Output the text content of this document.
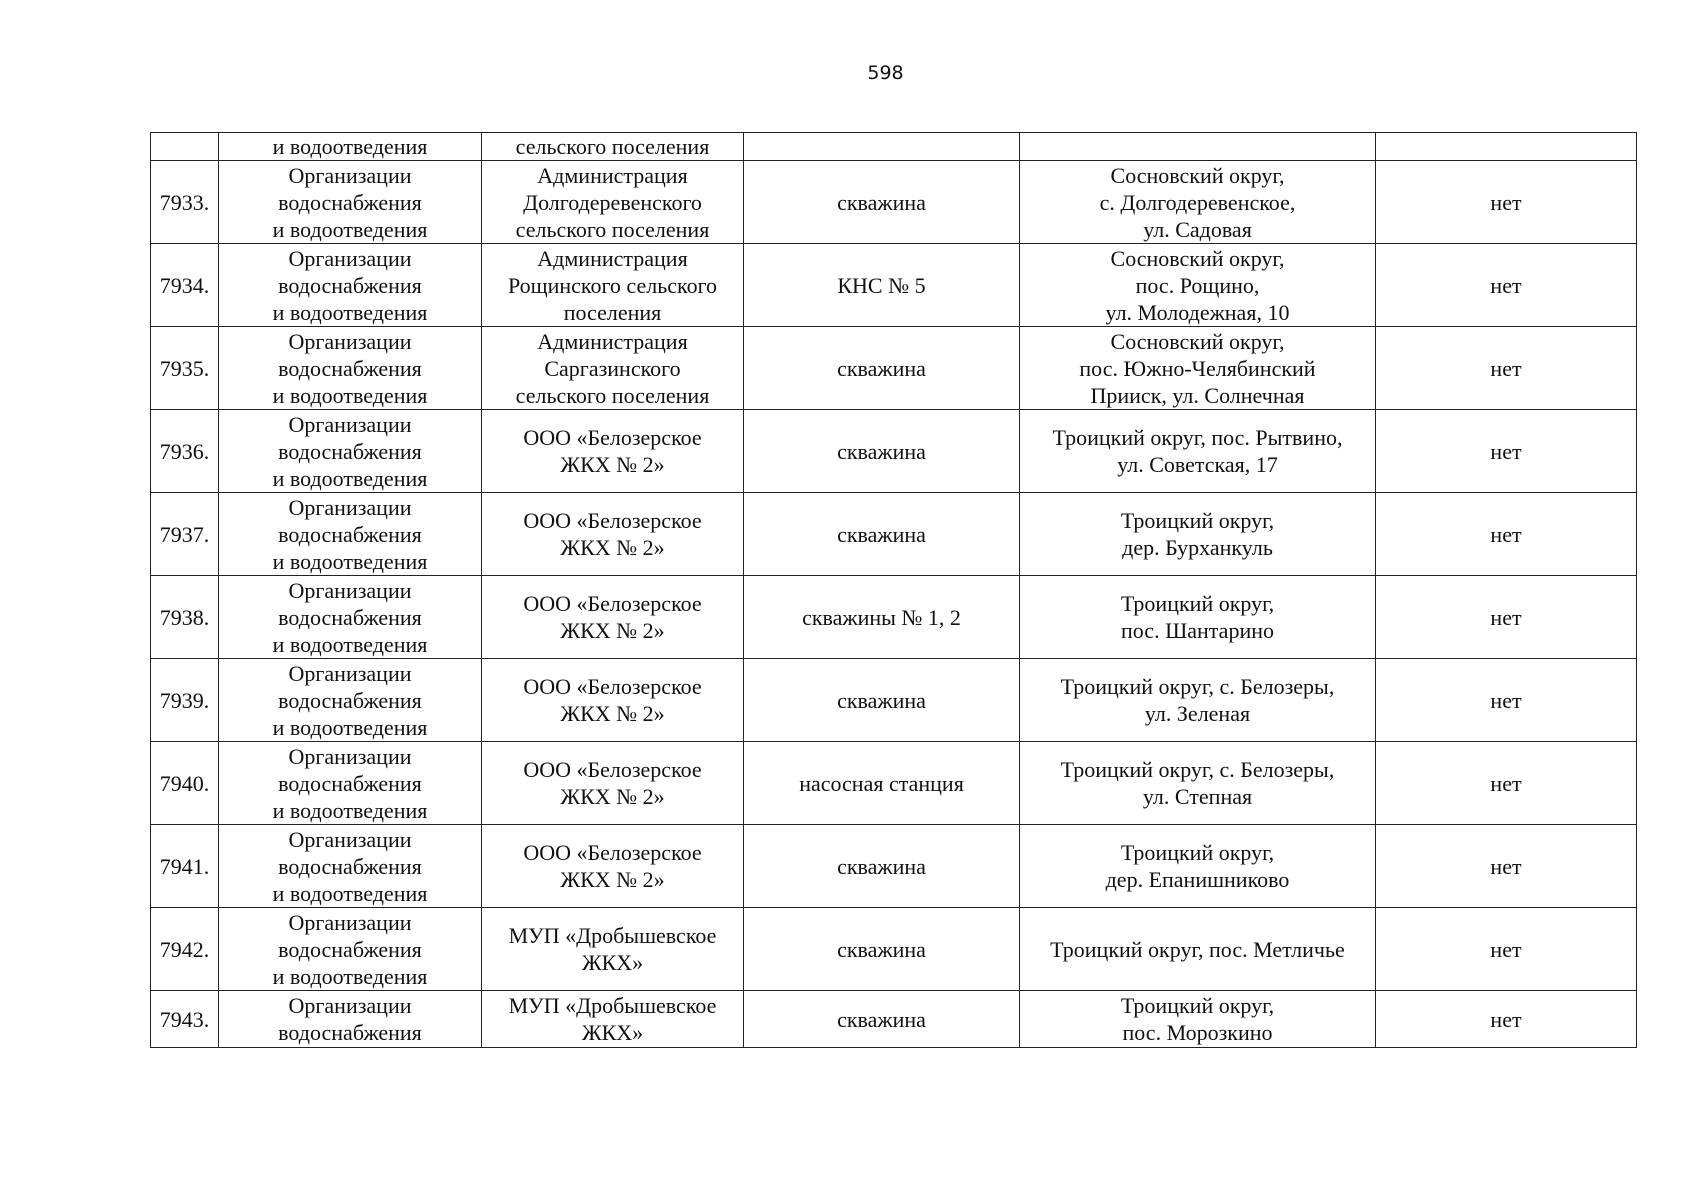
598

	и водоотведения	сельского поселения			

7933.	Организации
водоснабжения
и водоотведения	Администрация
Долгодеревенского
сельского поселения	скважина	Сосновский округ,
с. Долгодеревенское,
ул. Садовая	нет

7934.	Организации
водоснабжения
и водоотведения	Администрация
Рощинского сельского
поселения	КНС № 5	Сосновский округ,
пос. Рощино,
ул. Молодежная, 10	нет

7935.	Организации
водоснабжения
и водоотведения	Администрация
Саргазинского
сельского поселения	скважина	Сосновский округ,
пос. Южно-Челябинский
Прииск, ул. Солнечная	нет

7936.	Организации
водоснабжения
и водоотведения	ООО «Белозерское
ЖКХ № 2»	скважина	Троицкий округ, пос. Рытвино,
ул. Советская, 17	нет

7937.	Организации
водоснабжения
и водоотведения	ООО «Белозерское
ЖКХ № 2»	скважина	Троицкий округ,
дер. Бурханкуль	нет

7938.	Организации
водоснабжения
и водоотведения	ООО «Белозерское
ЖКХ № 2»	скважины № 1, 2	Троицкий округ,
пос. Шантарино	нет

7939.	Организации
водоснабжения
и водоотведения	ООО «Белозерское
ЖКХ № 2»	скважина	Троицкий округ, с. Белозеры,
ул. Зеленая	нет

7940.	Организации
водоснабжения
и водоотведения	ООО «Белозерское
ЖКХ № 2»	насосная станция	Троицкий округ, с. Белозеры,
ул. Степная	нет

7941.	Организации
водоснабжения
и водоотведения	ООО «Белозерское
ЖКХ № 2»	скважина	Троицкий округ,
дер. Епанишниково	нет

7942.	Организации
водоснабжения
и водоотведения	МУП «Дробышевское
ЖКХ»	скважина	Троицкий округ, пос. Метличье	нет

7943.	Организации
водоснабжения	МУП «Дробышевское
ЖКХ»	скважина	Троицкий округ,
пос. Морозкино	нет
